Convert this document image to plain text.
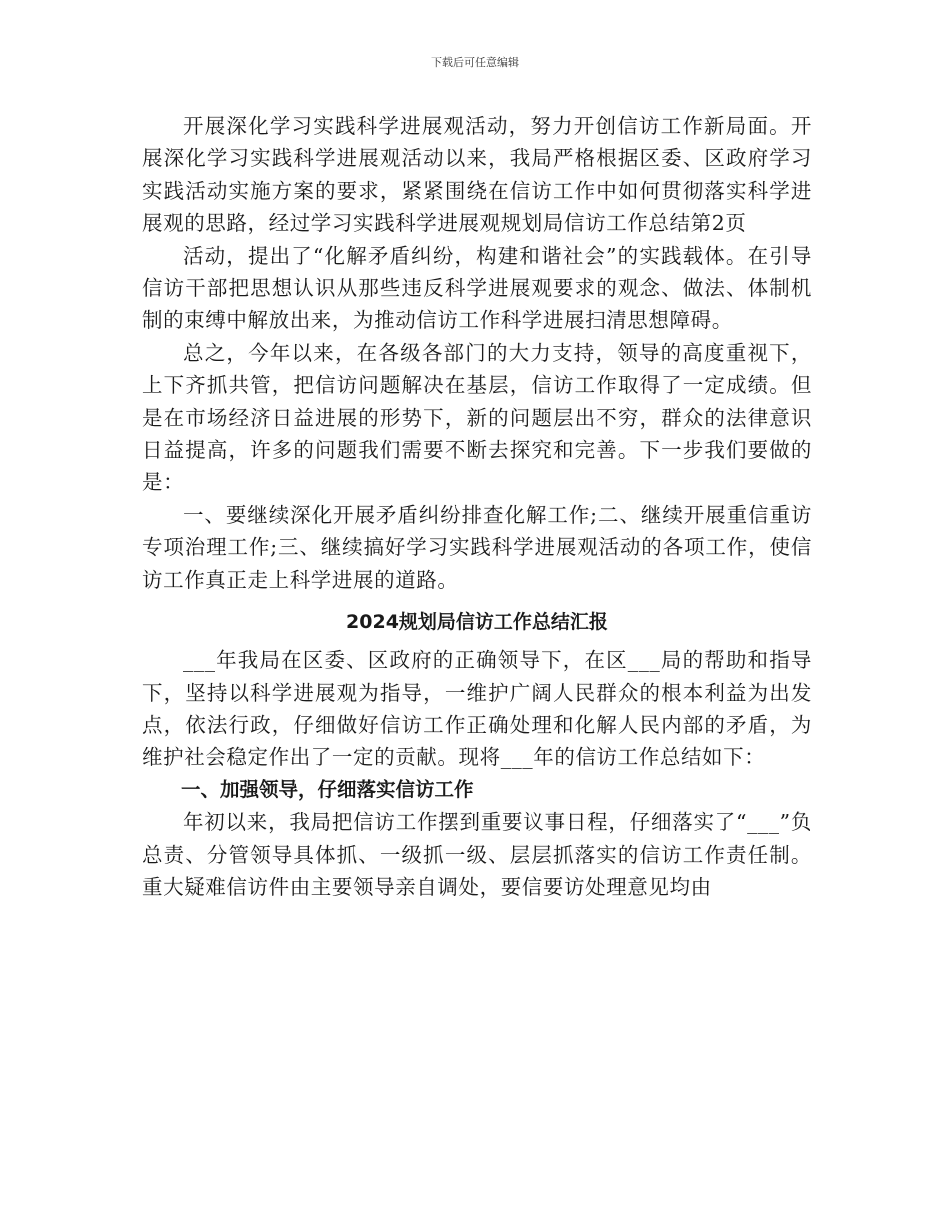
下载后可任意编辑

开展深化学习实践科学进展观活动，努力开创信访工作新局面。开展深化学习实践科学进展观活动以来，我局严格根据区委、区政府学习实践活动实施方案的要求，紧紧围绕在信访工作中如何贯彻落实科学进展观的思路，经过学习实践科学进展观规划局信访工作总结第2页

活动，提出了“化解矛盾纠纷，构建和谐社会”的实践载体。在引导信访干部把思想认识从那些违反科学进展观要求的观念、做法、体制机制的束缚中解放出来，为推动信访工作科学进展扫清思想障碍。

总之，今年以来，在各级各部门的大力支持，领导的高度重视下，上下齐抓共管，把信访问题解决在基层，信访工作取得了一定成绩。但是在市场经济日益进展的形势下，新的问题层出不穷，群众的法律意识日益提高，许多的问题我们需要不断去探究和完善。下一步我们要做的是：

一、要继续深化开展矛盾纠纷排查化解工作;二、继续开展重信重访专项治理工作;三、继续搞好学习实践科学进展观活动的各项工作，使信访工作真正走上科学进展的道路。

2024规划局信访工作总结汇报

___年我局在区委、区政府的正确领导下，在区___局的帮助和指导下，坚持以科学进展观为指导，一维护广阔人民群众的根本利益为出发点，依法行政，仔细做好信访工作正确处理和化解人民内部的矛盾，为维护社会稳定作出了一定的贡献。现将___年的信访工作总结如下：

一、加强领导，仔细落实信访工作

年初以来，我局把信访工作摆到重要议事日程，仔细落实了“___”负总责、分管领导具体抓、一级抓一级、层层抓落实的信访工作责任制。重大疑难信访件由主要领导亲自调处，要信要访处理意见均由
